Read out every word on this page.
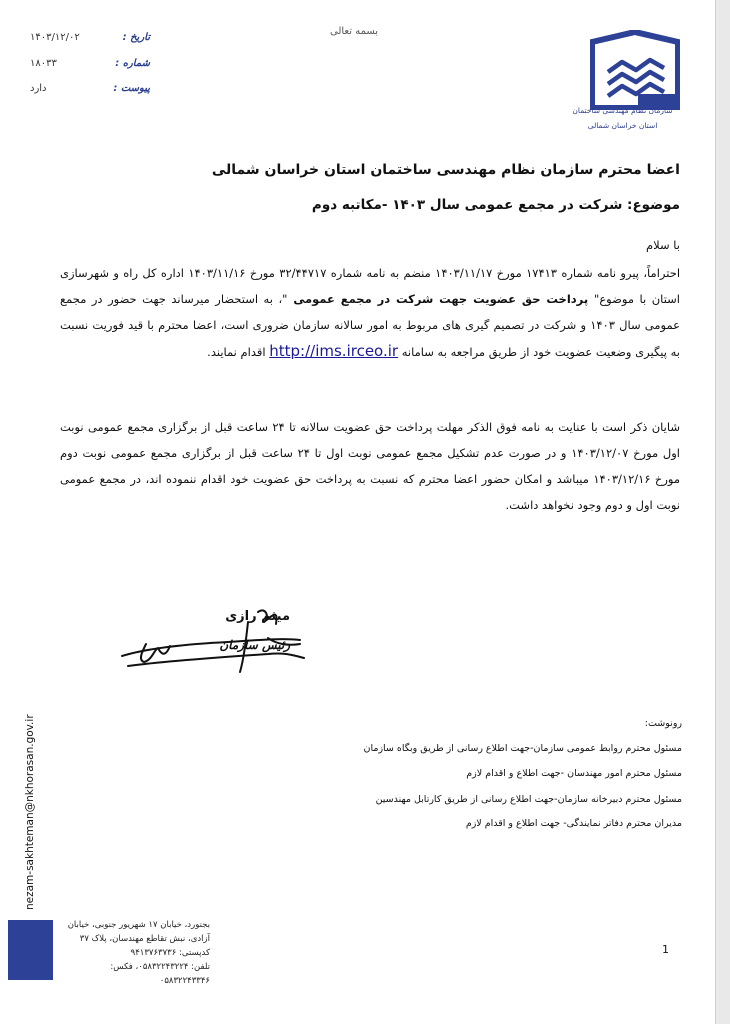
بسمه تعالی
تاریخ :
۱۴۰۳/۱۲/۰۲
شماره :
۱۸۰۳۳
پیوست :
دارد
سازمان نظام مهندسی ساختمان
استان خراسان شمالی
اعضا محترم سازمان نظام مهندسی ساختمان استان خراسان شمالی
موضوع: شرکت در مجمع عمومی سال ۱۴۰۳ -مکاتبه دوم
با سلام
احتراماً، پیرو نامه شماره ۱۷۴۱۳ مورخ ۱۴۰۳/۱۱/۱۷ منضم به نامه شماره ۳۲/۴۴۷۱۷ مورخ ۱۴۰۳/۱۱/۱۶ اداره کل راه و شهرسازی استان با موضوع" پرداخت حق عضویت جهت شرکت در مجمع عمومی "، به استحضار میرساند جهت حضور در مجمع عمومی سال ۱۴۰۳ و شرکت در تصمیم گیری های مربوط به امور سالانه سازمان ضروری است، اعضا محترم با قید فوریت نسبت به پیگیری وضعیت عضویت خود از طریق مراجعه به سامانه http://ims.irceo.ir اقدام نمایند.
شایان ذکر است با عنایت به نامه فوق الذکر مهلت پرداخت حق عضویت سالانه تا ۲۴ ساعت قبل از برگزاری مجمع عمومی نوبت اول مورخ ۱۴۰۳/۱۲/۰۷ و در صورت عدم تشکیل مجمع عمومی نوبت اول تا ۲۴ ساعت قبل از برگزاری مجمع عمومی نوبت دوم مورخ ۱۴۰۳/۱۲/۱۶ میباشد و امکان حضور اعضا محترم که نسبت به پرداخت حق عضویت خود اقدام ننموده اند، در مجمع عمومی نوبت اول و دوم وجود نخواهد داشت.
میثم رازی
رئیس سازمان
nezam-sakhteman@nkhorasan.gov.ir	رونوشت:
مسئول محترم روابط عمومی سازمان-جهت اطلاع رسانی از طریق وبگاه سازمان
مسئول محترم امور مهندسان -جهت اطلاع و اقدام لازم
مسئول محترم دبیرخانه سازمان-جهت اطلاع رسانی از طریق کارتابل مهندسین
مدیران محترم دفاتر نمایندگی- جهت اطلاع و اقدام لازم
بجنورد، خیابان ۱۷ شهریور جنوبی، خیابان
آزادی، نبش تقاطع مهندسان، پلاک ۳۷
کدپستی: ۹۴۱۳۷۶۳۷۳۶
تلفن: ۰۵۸۳۲۲۴۳۲۲۴، فکس: ۰۵۸۳۲۲۴۳۳۴۶
1
